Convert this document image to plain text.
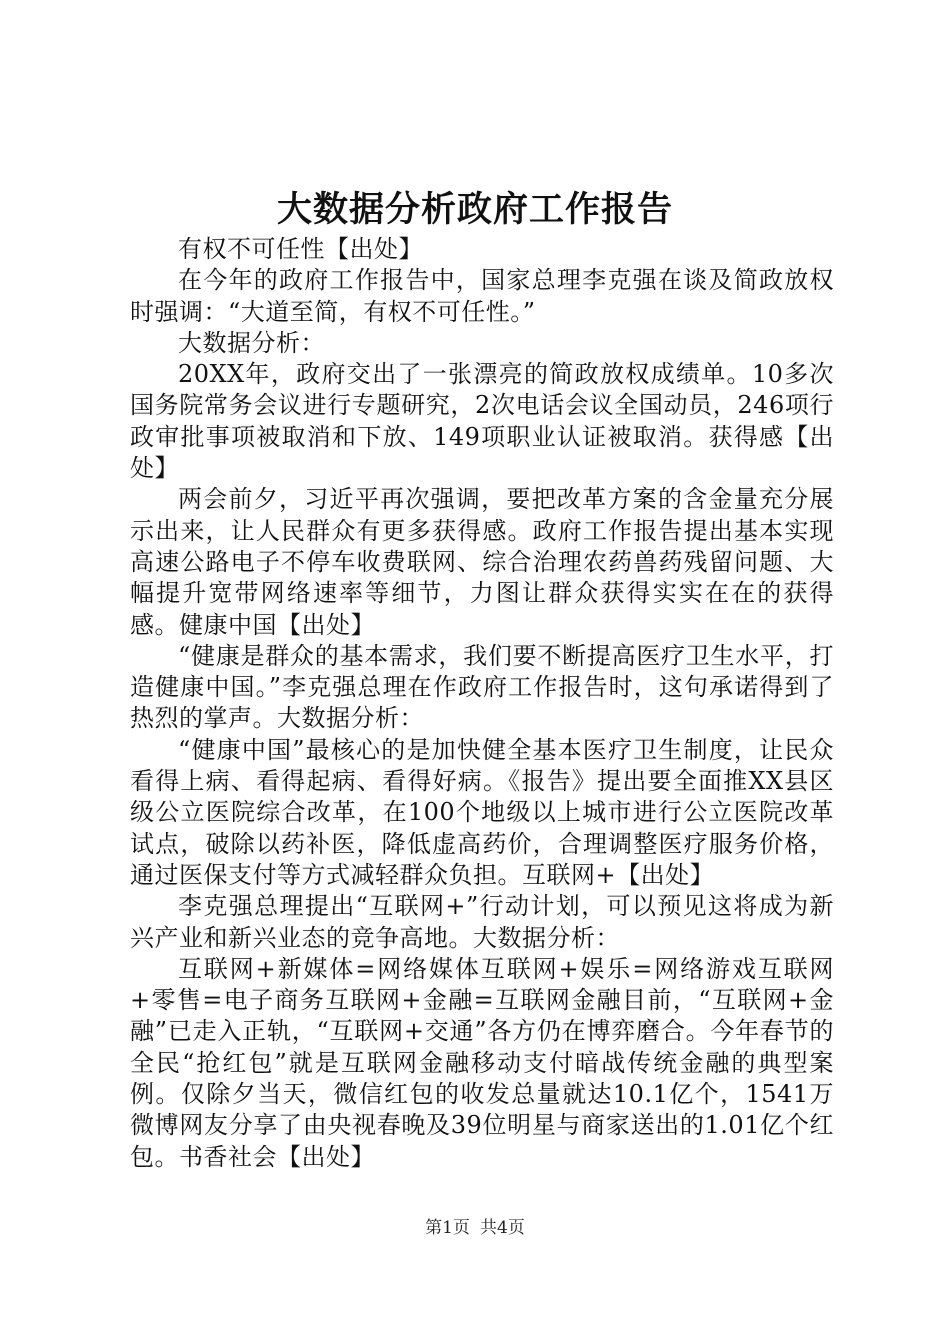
大数据分析政府工作报告

有权不可任性【出处】

在今年的政府工作报告中，国家总理李克强在谈及简政放权时强调：“大道至简，有权不可任性。”

大数据分析：

20XX年，政府交出了一张漂亮的简政放权成绩单。10多次国务院常务会议进行专题研究，2次电话会议全国动员，246项行政审批事项被取消和下放、149项职业认证被取消。获得感【出处】

两会前夕，习近平再次强调，要把改革方案的含金量充分展示出来，让人民群众有更多获得感。政府工作报告提出基本实现高速公路电子不停车收费联网、综合治理农药兽药残留问题、大幅提升宽带网络速率等细节，力图让群众获得实实在在的获得感。健康中国【出处】

“健康是群众的基本需求，我们要不断提高医疗卫生水平，打造健康中国。”李克强总理在作政府工作报告时，这句承诺得到了热烈的掌声。大数据分析：

“健康中国”最核心的是加快健全基本医疗卫生制度，让民众看得上病、看得起病、看得好病。《报告》提出要全面推XX县区级公立医院综合改革，在100个地级以上城市进行公立医院改革试点，破除以药补医，降低虚高药价，合理调整医疗服务价格，通过医保支付等方式减轻群众负担。互联网+【出处】

李克强总理提出“互联网+”行动计划，可以预见这将成为新兴产业和新兴业态的竞争高地。大数据分析：

互联网+新媒体=网络媒体互联网+娱乐=网络游戏互联网+零售=电子商务互联网+金融=互联网金融目前，“互联网+金融”已走入正轨，“互联网+交通”各方仍在博弈磨合。今年春节的全民“抢红包”就是互联网金融移动支付暗战传统金融的典型案例。仅除夕当天，微信红包的收发总量就达10.1亿个，1541万微博网友分享了由央视春晚及39位明星与商家送出的1.01亿个红包。书香社会【出处】

第1页 共4页
